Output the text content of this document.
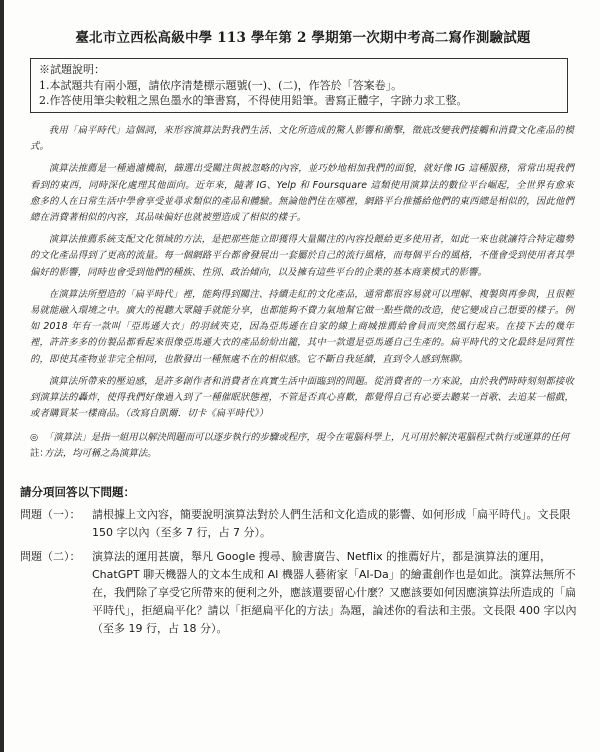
臺北市立西松高級中學 113 學年第 2 學期第一次期中考高二寫作測驗試題
※試題說明：
1.本試題共有兩小題，請依序清楚標示題號(一)、(二)，作答於「答案卷」。
2.作答使用筆尖較粗之黑色墨水的筆書寫，不得使用鉛筆。書寫正體字，字跡力求工整。

我用「扁平時代」這個詞，來形容演算法對我們生活、文化所造成的驚人影響和衝擊，徵底改變我們接觸和消費文化產品的模式。

演算法推薦是一種過濾機制，篩選出受關注與被忽略的內容，並巧妙地相加我們的面貌，就好像 IG 這種服務，常常出現我們看到的東西，同時深化處理其他面向。近年來，隨著 IG、Yelp 和 Foursquare 這類使用演算法的數位平台崛起，全世界有愈來愈多的人在日常生活中學會享受並尋求類似的產品和體驗。無論他們住在哪裡，網路平台推播給他們的東西總是相似的，因此他們總在消費著相似的內容，其品味偏好也就被塑造成了相似的樣子。

演算法推薦系統支配文化領域的方法，是把那些能立即獲得大量關注的內容投餵給更多使用者，如此一來也就讓符合特定趨勢的文化產品得到了更高的流量。每一個網路平台都會發展出一套屬於自己的流行風格，而每個平台的風格，不僅會受到使用者其學偏好的影響，同時也會受到他們的種族、性別、政治傾向，以及擁有這些平台的企業的基本商業模式的影響。

在演算法所塑造的「扁平時代」裡，能夠得到關注、持續走紅的文化產品，通常都很容易就可以理解、複製與再參與，且很輕易就能融入環境之中。廣大的視聽大眾隨手就能分享，也都能夠不費力氣地幫它做一點些微的改造，使它變成自己想要的樣子。例如 2018 年有一款叫「亞馬遜大衣」的羽絨夾克，因為亞馬遜在自家的線上商城推薦給會員而突然風行起來。在接下去的幾年裡，許許多多的仿製品都看起來很像亞馬遜大衣的產品紛紛出籠，其中一款還是亞馬遜自己生產的。扁平時代的文化最終是同質性的，即使其產物並非完全相同，也散發出一種無處不在的相似感。它不斷自我延續，直到令人感到無聊。

演算法所帶來的壓迫感，是許多創作者和消費者在真實生活中面臨到的問題。從消費者的一方來說，由於我們時時刻刻都接收到演算法的轟炸，使得我們好像過入到了一種催眠狀態裡，不管是否真心喜歡，都覺得自己有必要去聽某一首歌、去追某一檔戲，或者購買某一樣商品。（改寫自凱爾．切卡《扁平時代》）

◎註：
「演算法」是指一組用以解決問題而可以逐步執行的步驟或程序，現今在電腦科學上，凡可用於解決電腦程式執行或運算的任何方法，均可稱之為演算法。
請分項回答以下問題：
問題（一）：	請根據上文內容，簡要說明演算法對於人們生活和文化造成的影響、如何形成「扁平時代」。文長限 150 字以內（至多 7 行，占 7 分）。
問題（二）：	演算法的運用甚廣，舉凡 Google 搜尋、臉書廣告、Netflix 的推薦好片，都是演算法的運用，ChatGPT 聊天機器人的文本生成和 AI 機器人藝術家「AI-Da」的繪畫創作也是如此。演算法無所不在，我們除了享受它所帶來的便利之外，應該還要留心什麼？又應該要如何因應演算法所造成的「扁平時代」，拒絕扁平化？請以「拒絕扁平化的方法」為題，論述你的看法和主張。文長限 400 字以內（至多 19 行，占 18 分）。
